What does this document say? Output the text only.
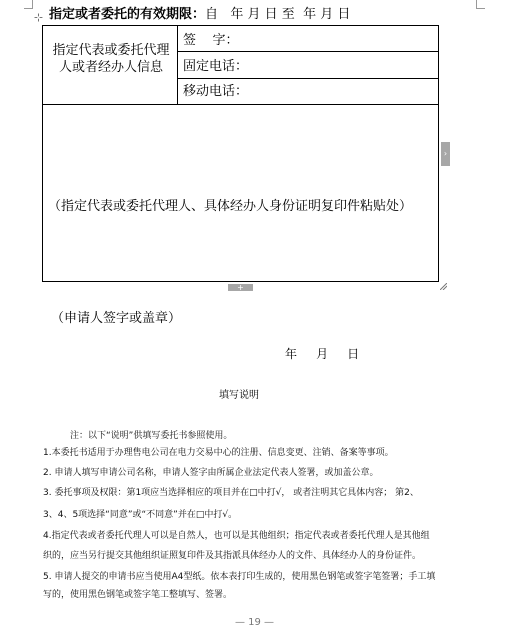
⊹ 指定或者委托的有效期限：自   年 月 日 至  年 月 日
指定代表或委托代理人或者经办人信息
签    字：
固定电话：
移动电话：
（指定代表或委托代理人、具体经办人身份证明复印件粘贴处）
›
+
（申请人签字或盖章）
年     月     日
填写说明
注：以下“说明”供填写委托书参照使用。
1.本委托书适用于办理售电公司在电力交易中心的注册、信息变更、注销、备案等事项。
2. 申请人填写申请公司名称，申请人签字由所属企业法定代表人签署，或加盖公章。
3. 委托事项及权限：第1项应当选择相应的项目并在□中打√， 或者注明其它具体内容； 第2、
3、4、5项选择“同意”或“不同意”并在□中打√。
4.指定代表或者委托代理人可以是自然人，也可以是其他组织；指定代表或者委托代理人是其他组
织的，应当另行提交其他组织证照复印件及其指派具体经办人的文件、具体经办人的身份证件。
5. 申请人提交的申请书应当使用A4型纸。依本表打印生成的，使用黑色钢笔或签字笔签署；手工填
写的，使用黑色钢笔或签字笔工整填写、签署。
— 19 —
